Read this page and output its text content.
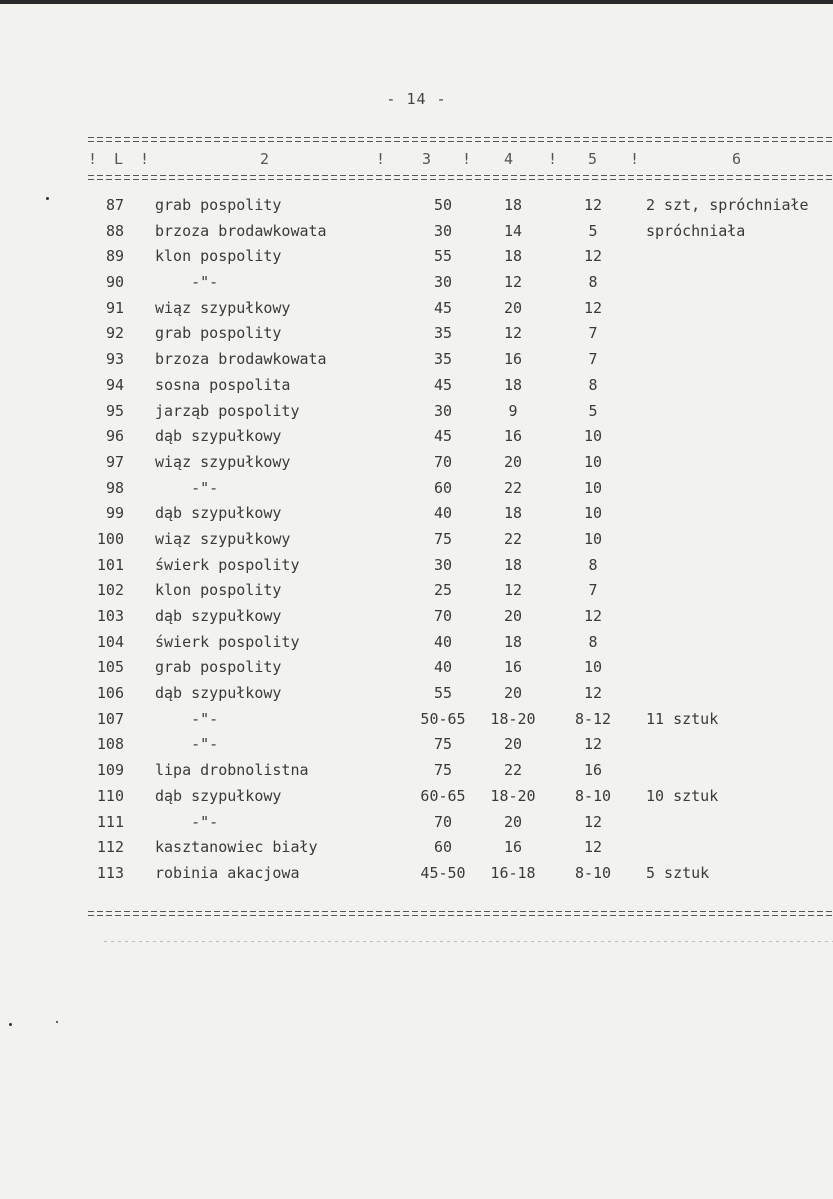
- 14 -
! L !	2	! 3 ! 4 ! 5 !	6
87 grab pospolity	50	18	12	2 szt, spróchniałe
88 brzoza brodawkowata	30	14	5	spróchniała
89 klon pospolity	55	18	12
90 -"-	30	12	8
91 wiąz szypułkowy	45	20	12
92 grab pospolity	35	12	7
93 brzoza brodawkowata	35	16	7
94 sosna pospolita	45	18	8
95 jarząb pospolity	30	9	5
96 dąb szypułkowy	45	16	10
97 wiąz szypułkowy	70	20	10
98 -"-	60	22	10
99 dąb szypułkowy	40	18	10
100 wiąz szypułkowy	75	22	10
101 świerk pospolity	30	18	8
102 klon pospolity	25	12	7
103 dąb szypułkowy	70	20	12
104 świerk pospolity	40	18	8
105 grab pospolity	40	16	10
106 dąb szypułkowy	55	20	12
107 -"-	50-65	18-20	8-12	11 sztuk
108 -"-	75	20	12
109 lipa drobnolistna	75	22	16
110 dąb szypułkowy	60-65	18-20	8-10	10 sztuk
111 -"-	70	20	12
112 kasztanowiec biały	60	16	12
113 robinia akacjowa	45-50	16-18	8-10	5 sztuk
